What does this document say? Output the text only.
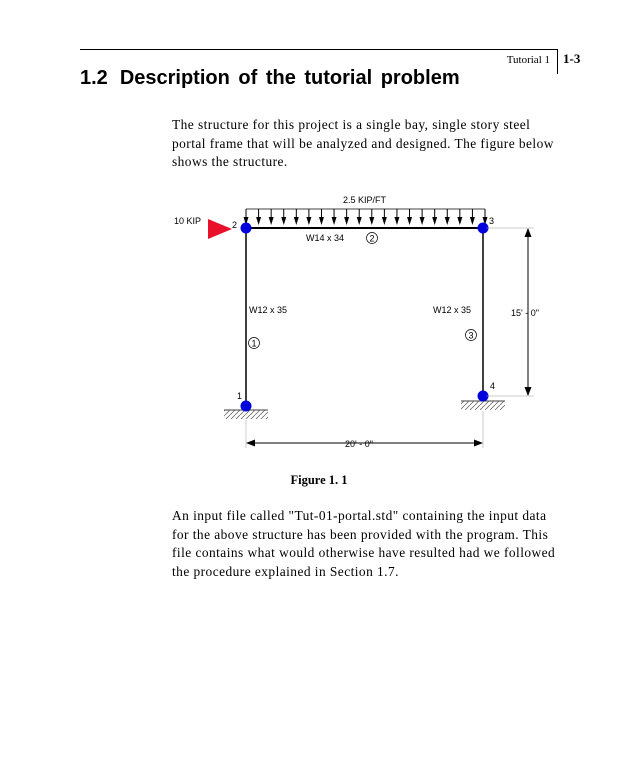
Tutorial 1 1-3
1.2 Description of the tutorial problem

The structure for this project is a single bay, single story steel portal frame that will be analyzed and designed. The figure below shows the structure.

2.5 KIP/FT
10 KIP
1
2	3
4
1
2
3
W14 x 34
W12 x 35	W12 x 35	15' - 0"
20' - 0"

Figure 1. 1

An input file called "Tut-01-portal.std" containing the input data for the above structure has been provided with the program. This file contains what would otherwise have resulted had we followed the procedure explained in Section 1.7.
